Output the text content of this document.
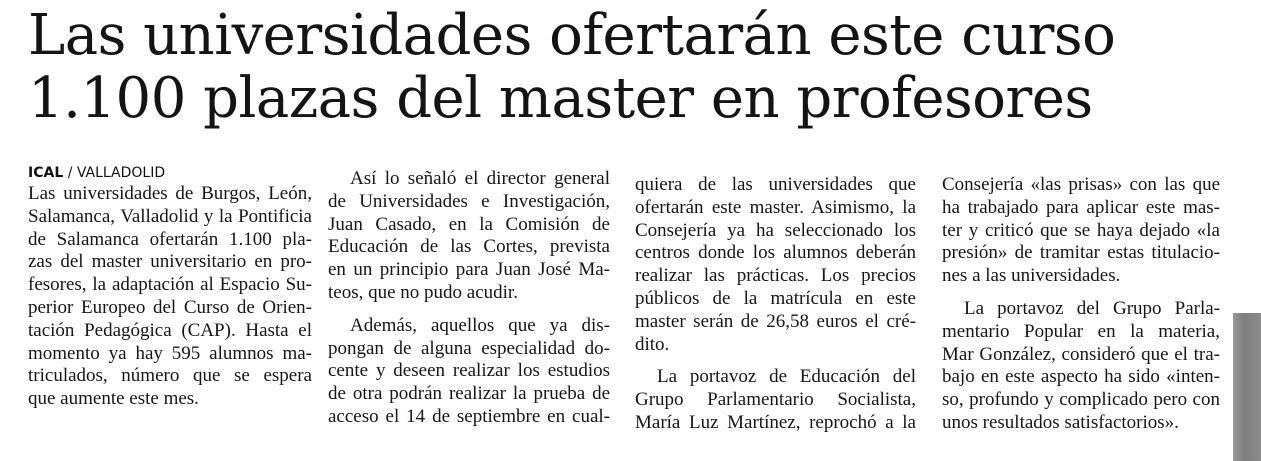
Las universidades ofertarán este curso
1.100 plazas del master en profesores
ICAL / VALLADOLID
Las universidades de Burgos, León,
Salamanca, Valladolid y la Pontificia
de Salamanca ofertarán 1.100 pla-
zas del master universitario en pro-
fesores, la adaptación al Espacio Su-
perior Europeo del Curso de Orien-
tación Pedagógica (CAP). Hasta el
momento ya hay 595 alumnos ma-
triculados, número que se espera
que aumente este mes.
Así lo señaló el director general
de Universidades e Investigación,
Juan Casado, en la Comisión de
Educación de las Cortes, prevista
en un principio para Juan José Ma-
teos, que no pudo acudir.
Además, aquellos que ya dis-
pongan de alguna especialidad do-
cente y deseen realizar los estudios
de otra podrán realizar la prueba de
acceso el 14 de septiembre en cual-
quiera de las universidades que
ofertarán este master. Asimismo, la
Consejería ya ha seleccionado los
centros donde los alumnos deberán
realizar las prácticas. Los precios
públicos de la matrícula en este
master serán de 26,58 euros el cré-
dito.
La portavoz de Educación del
Grupo Parlamentario Socialista,
María Luz Martínez, reprochó a la
Consejería «las prisas» con las que
ha trabajado para aplicar este mas-
ter y criticó que se haya dejado «la
presión» de tramitar estas titulacio-
nes a las universidades.
La portavoz del Grupo Parla-
mentario Popular en la materia,
Mar González, consideró que el tra-
bajo en este aspecto ha sido «inten-
so, profundo y complicado pero con
unos resultados satisfactorios».
